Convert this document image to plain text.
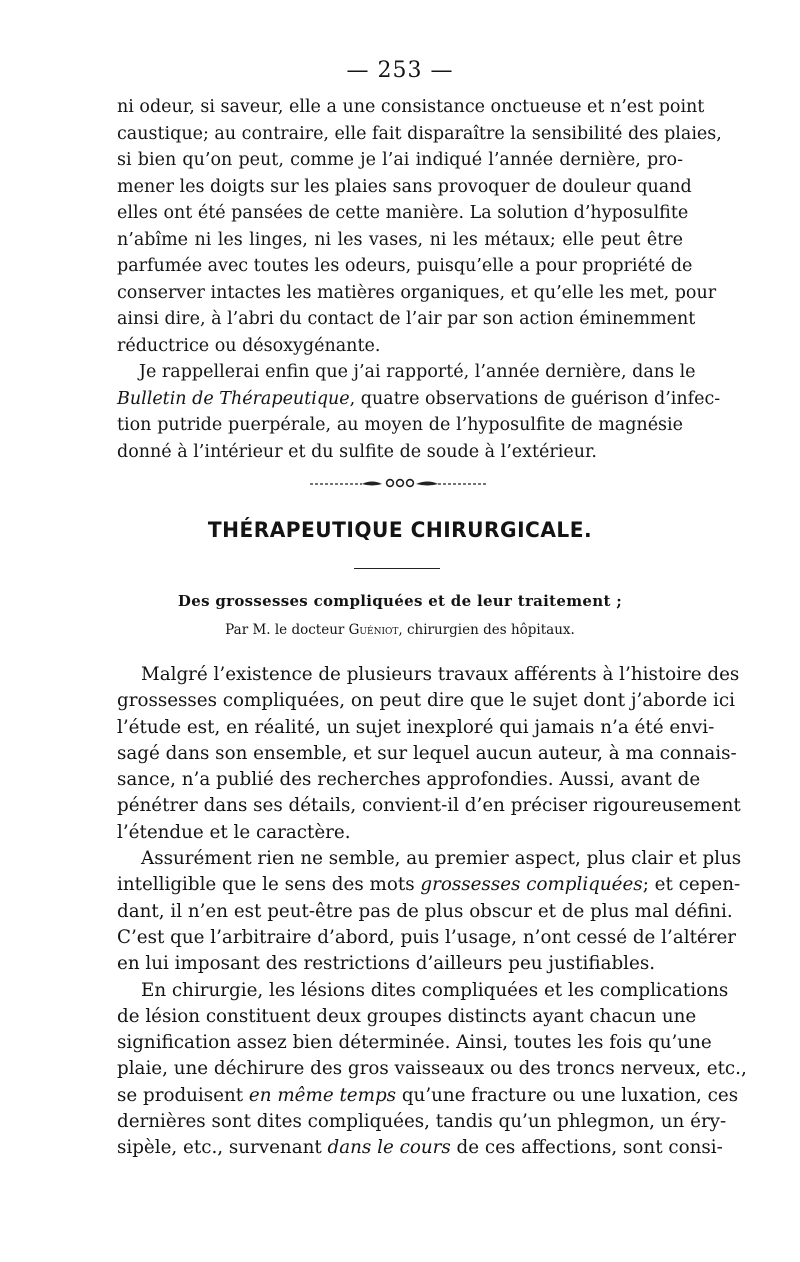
— 253 —
ni odeur, si saveur, elle a une consistance onctueuse et n’est point
caustique; au contraire, elle fait disparaître la sensibilité des plaies,
si bien qu’on peut, comme je l’ai indiqué l’année dernière, pro-
mener les doigts sur les plaies sans provoquer de douleur quand
elles ont été pansées de cette manière. La solution d’hyposulfite
n’abîme ni les linges, ni les vases, ni les métaux; elle peut être
parfumée avec toutes les odeurs, puisqu’elle a pour propriété de
conserver intactes les matières organiques, et qu’elle les met, pour
ainsi dire, à l’abri du contact de l’air par son action éminemment
réductrice ou désoxygénante.
Je rappellerai enfin que j’ai rapporté, l’année dernière, dans le
Bulletin de Thérapeutique, quatre observations de guérison d’infec-
tion putride puerpérale, au moyen de l’hyposulfite de magnésie
donné à l’intérieur et du sulfite de soude à l’extérieur.
THÉRAPEUTIQUE CHIRURGICALE.
Des grossesses compliquées et de leur traitement ;
Par M. le docteur Guéniot, chirurgien des hôpitaux.
Malgré l’existence de plusieurs travaux afférents à l’histoire des
grossesses compliquées, on peut dire que le sujet dont j’aborde ici
l’étude est, en réalité, un sujet inexploré qui jamais n’a été envi-
sagé dans son ensemble, et sur lequel aucun auteur, à ma connais-
sance, n’a publié des recherches approfondies. Aussi, avant de
pénétrer dans ses détails, convient-il d’en préciser rigoureusement
l’étendue et le caractère.
Assurément rien ne semble, au premier aspect, plus clair et plus
intelligible que le sens des mots grossesses compliquées; et cepen-
dant, il n’en est peut-être pas de plus obscur et de plus mal défini.
C’est que l’arbitraire d’abord, puis l’usage, n’ont cessé de l’altérer
en lui imposant des restrictions d’ailleurs peu justifiables.
En chirurgie, les lésions dites compliquées et les complications
de lésion constituent deux groupes distincts ayant chacun une
signification assez bien déterminée. Ainsi, toutes les fois qu’une
plaie, une déchirure des gros vaisseaux ou des troncs nerveux, etc.,
se produisent en même temps qu’une fracture ou une luxation, ces
dernières sont dites compliquées, tandis qu’un phlegmon, un éry-
sipèle, etc., survenant dans le cours de ces affections, sont consi-
